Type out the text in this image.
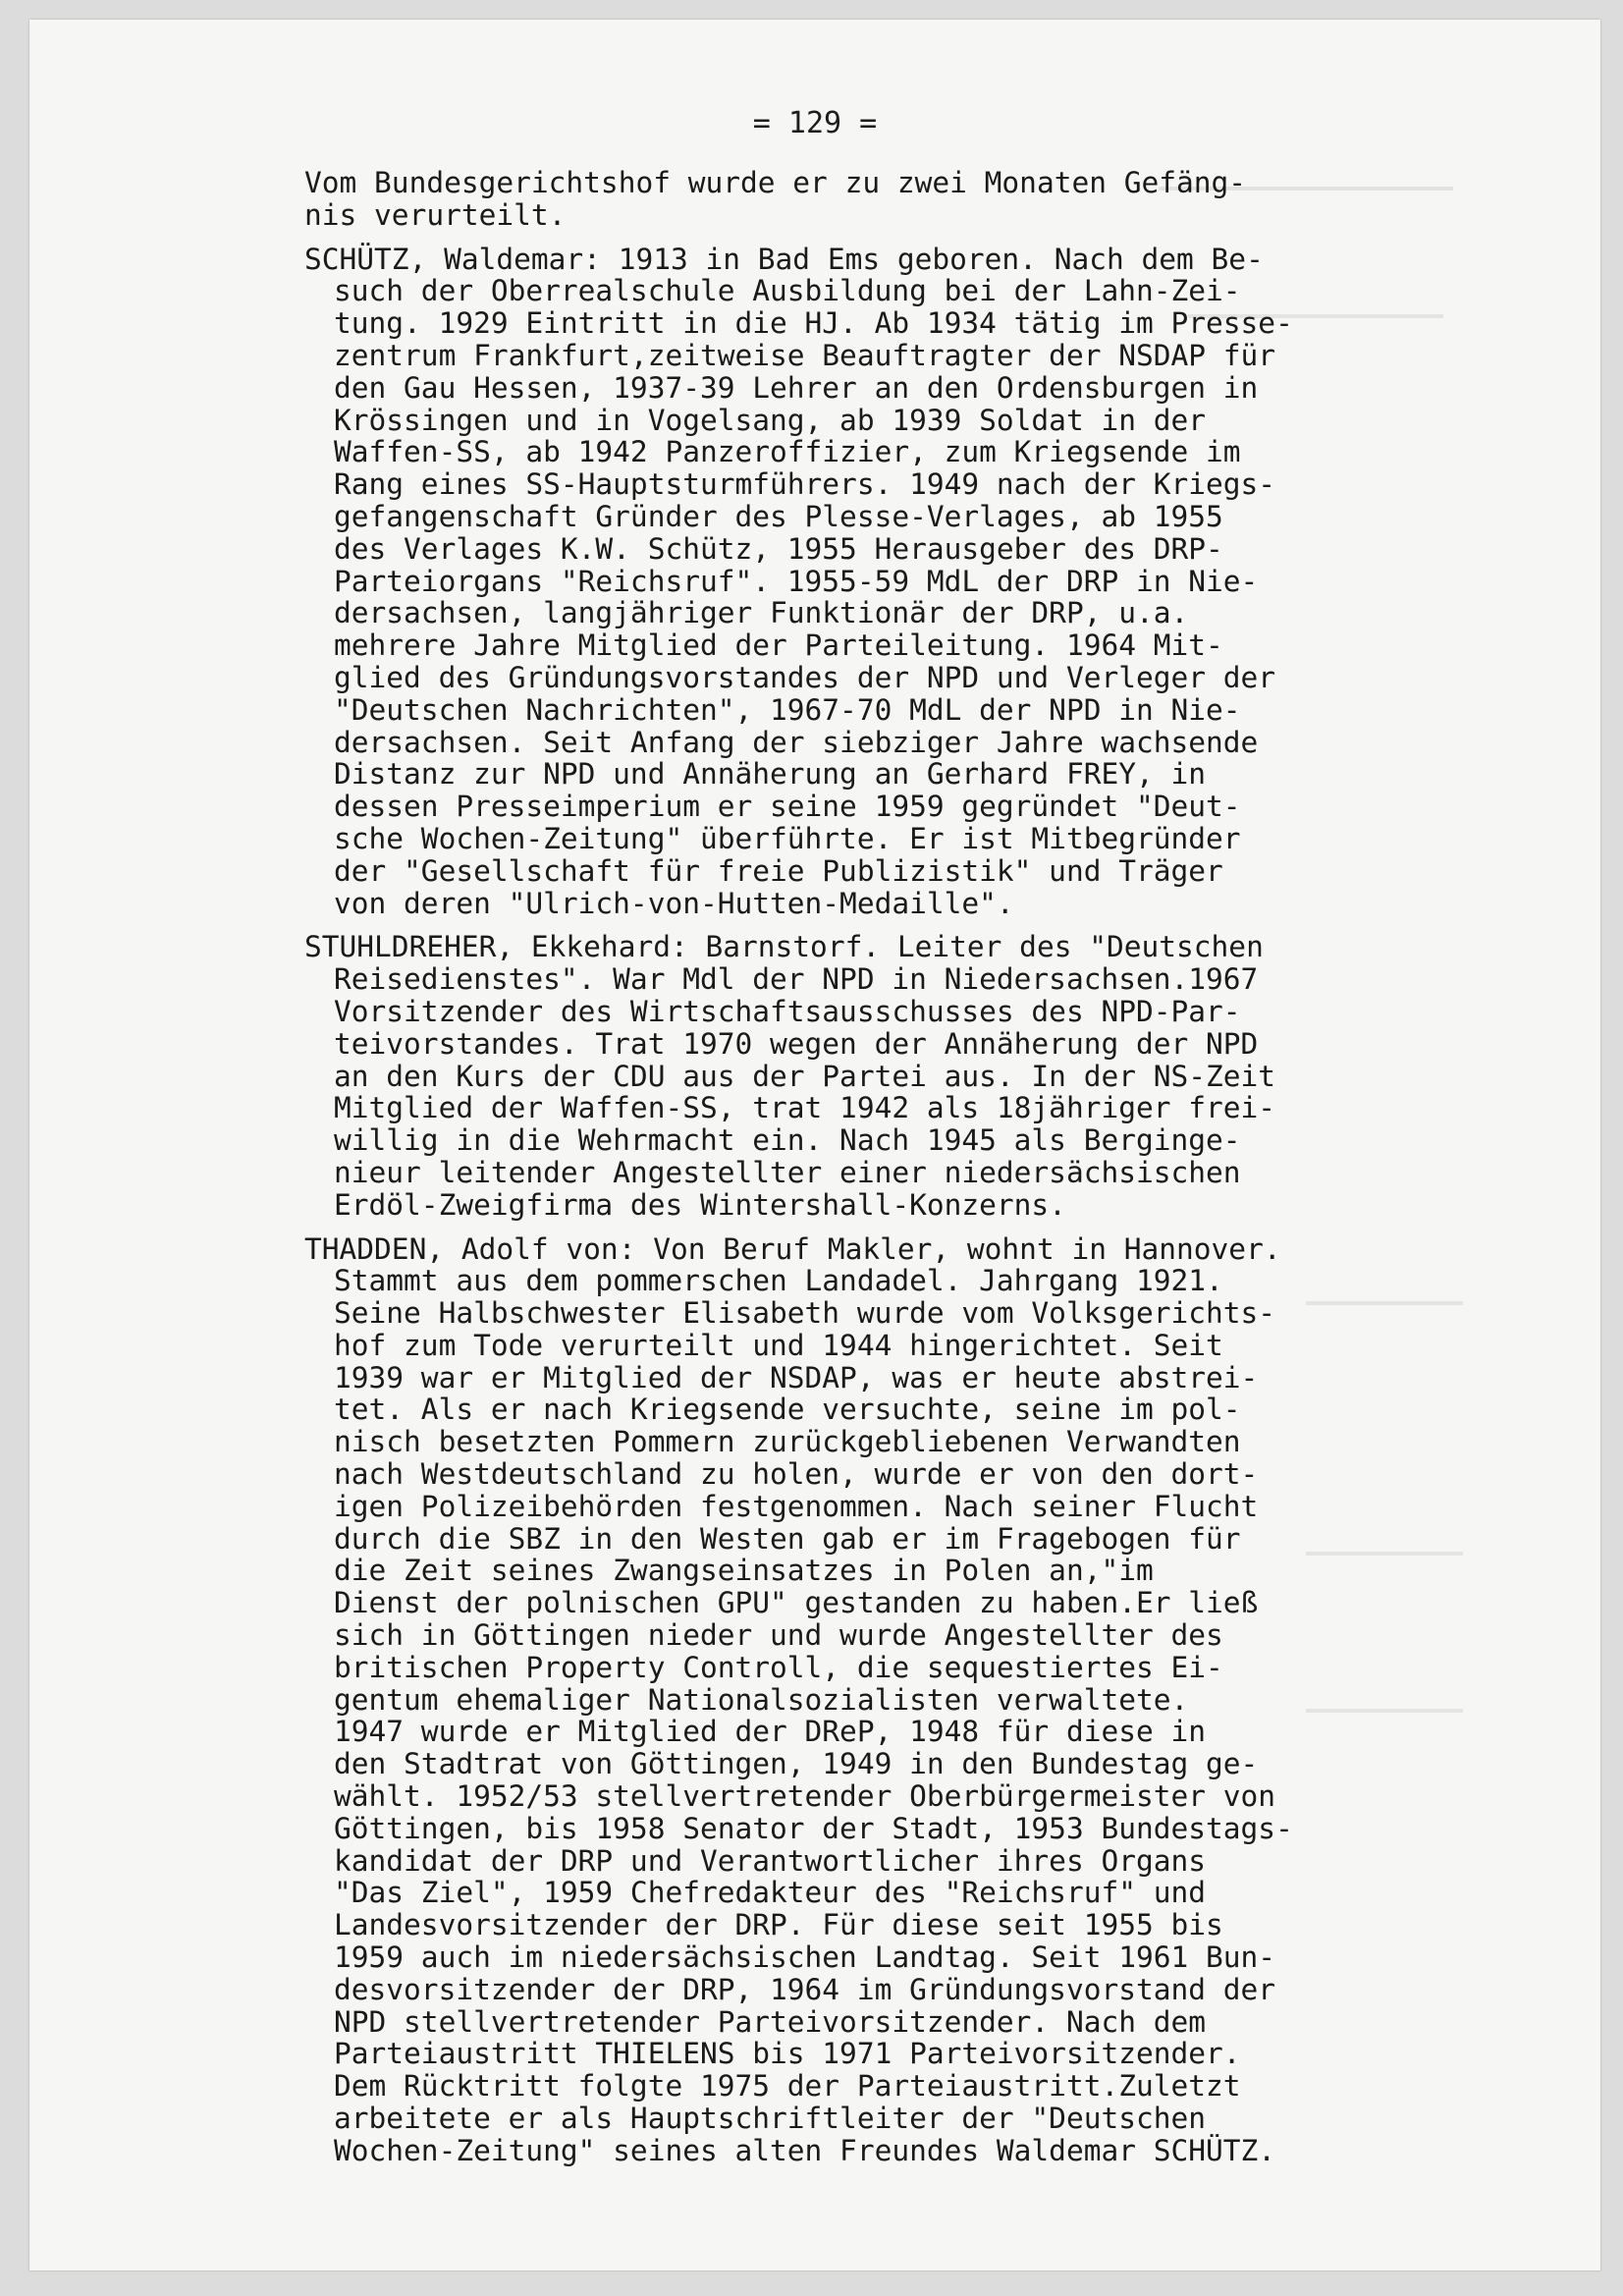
= 129 =

Vom Bundesgerichtshof wurde er zu zwei Monaten Gefäng-
nis verurteilt.

SCHÜTZ, Waldemar: 1913 in Bad Ems geboren. Nach dem Be-
such der Oberrealschule Ausbildung bei der Lahn-Zei-
tung. 1929 Eintritt in die HJ. Ab 1934 tätig im Presse-
zentrum Frankfurt,zeitweise Beauftragter der NSDAP für
den Gau Hessen, 1937-39 Lehrer an den Ordensburgen in
Krössingen und in Vogelsang, ab 1939 Soldat in der
Waffen-SS, ab 1942 Panzeroffizier, zum Kriegsende im
Rang eines SS-Hauptsturmführers. 1949 nach der Kriegs-
gefangenschaft Gründer des Plesse-Verlages, ab 1955
des Verlages K.W. Schütz, 1955 Herausgeber des DRP-
Parteiorgans "Reichsruf". 1955-59 MdL der DRP in Nie-
dersachsen, langjähriger Funktionär der DRP, u.a.
mehrere Jahre Mitglied der Parteileitung. 1964 Mit-
glied des Gründungsvorstandes der NPD und Verleger der
"Deutschen Nachrichten", 1967-70 MdL der NPD in Nie-
dersachsen. Seit Anfang der siebziger Jahre wachsende
Distanz zur NPD und Annäherung an Gerhard FREY, in
dessen Presseimperium er seine 1959 gegründet "Deut-
sche Wochen-Zeitung" überführte. Er ist Mitbegründer
der "Gesellschaft für freie Publizistik" und Träger
von deren "Ulrich-von-Hutten-Medaille".

STUHLDREHER, Ekkehard: Barnstorf. Leiter des "Deutschen
Reisedienstes". War Mdl der NPD in Niedersachsen.1967
Vorsitzender des Wirtschaftsausschusses des NPD-Par-
teivorstandes. Trat 1970 wegen der Annäherung der NPD
an den Kurs der CDU aus der Partei aus. In der NS-Zeit
Mitglied der Waffen-SS, trat 1942 als 18jähriger frei-
willig in die Wehrmacht ein. Nach 1945 als Bergingе-
nieur leitender Angestellter einer niedersächsischen
Erdöl-Zweigfirma des Wintershall-Konzerns.

THADDEN, Adolf von: Von Beruf Makler, wohnt in Hannover.
Stammt aus dem pommerschen Landadel. Jahrgang 1921.
Seine Halbschwester Elisabeth wurde vom Volksgerichts-
hof zum Tode verurteilt und 1944 hingerichtet. Seit
1939 war er Mitglied der NSDAP, was er heute abstrei-
tet. Als er nach Kriegsende versuchte, seine im pol-
nisch besetzten Pommern zurückgebliebenen Verwandten
nach Westdeutschland zu holen, wurde er von den dort-
igen Polizeibehörden festgenommen. Nach seiner Flucht
durch die SBZ in den Westen gab er im Fragebogen für
die Zeit seines Zwangseinsatzes in Polen an,"im
Dienst der polnischen GPU" gestanden zu haben.Er ließ
sich in Göttingen nieder und wurde Angestellter des
britischen Property Controll, die sequestiertes Ei-
gentum ehemaliger Nationalsozialisten verwaltete.
1947 wurde er Mitglied der DReP, 1948 für diese in
den Stadtrat von Göttingen, 1949 in den Bundestag ge-
wählt. 1952/53 stellvertretender Oberbürgermeister von
Göttingen, bis 1958 Senator der Stadt, 1953 Bundestags-
kandidat der DRP und Verantwortlicher ihres Organs
"Das Ziel", 1959 Chefredakteur des "Reichsruf" und
Landesvorsitzender der DRP. Für diese seit 1955 bis
1959 auch im niedersächsischen Landtag. Seit 1961 Bun-
desvorsitzender der DRP, 1964 im Gründungsvorstand der
NPD stellvertretender Parteivorsitzender. Nach dem
Parteiaustritt THIELENS bis 1971 Parteivorsitzender.
Dem Rücktritt folgte 1975 der Parteiaustritt.Zuletzt
arbeitete er als Hauptschriftleiter der "Deutschen
Wochen-Zeitung" seines alten Freundes Waldemar SCHÜTZ.
